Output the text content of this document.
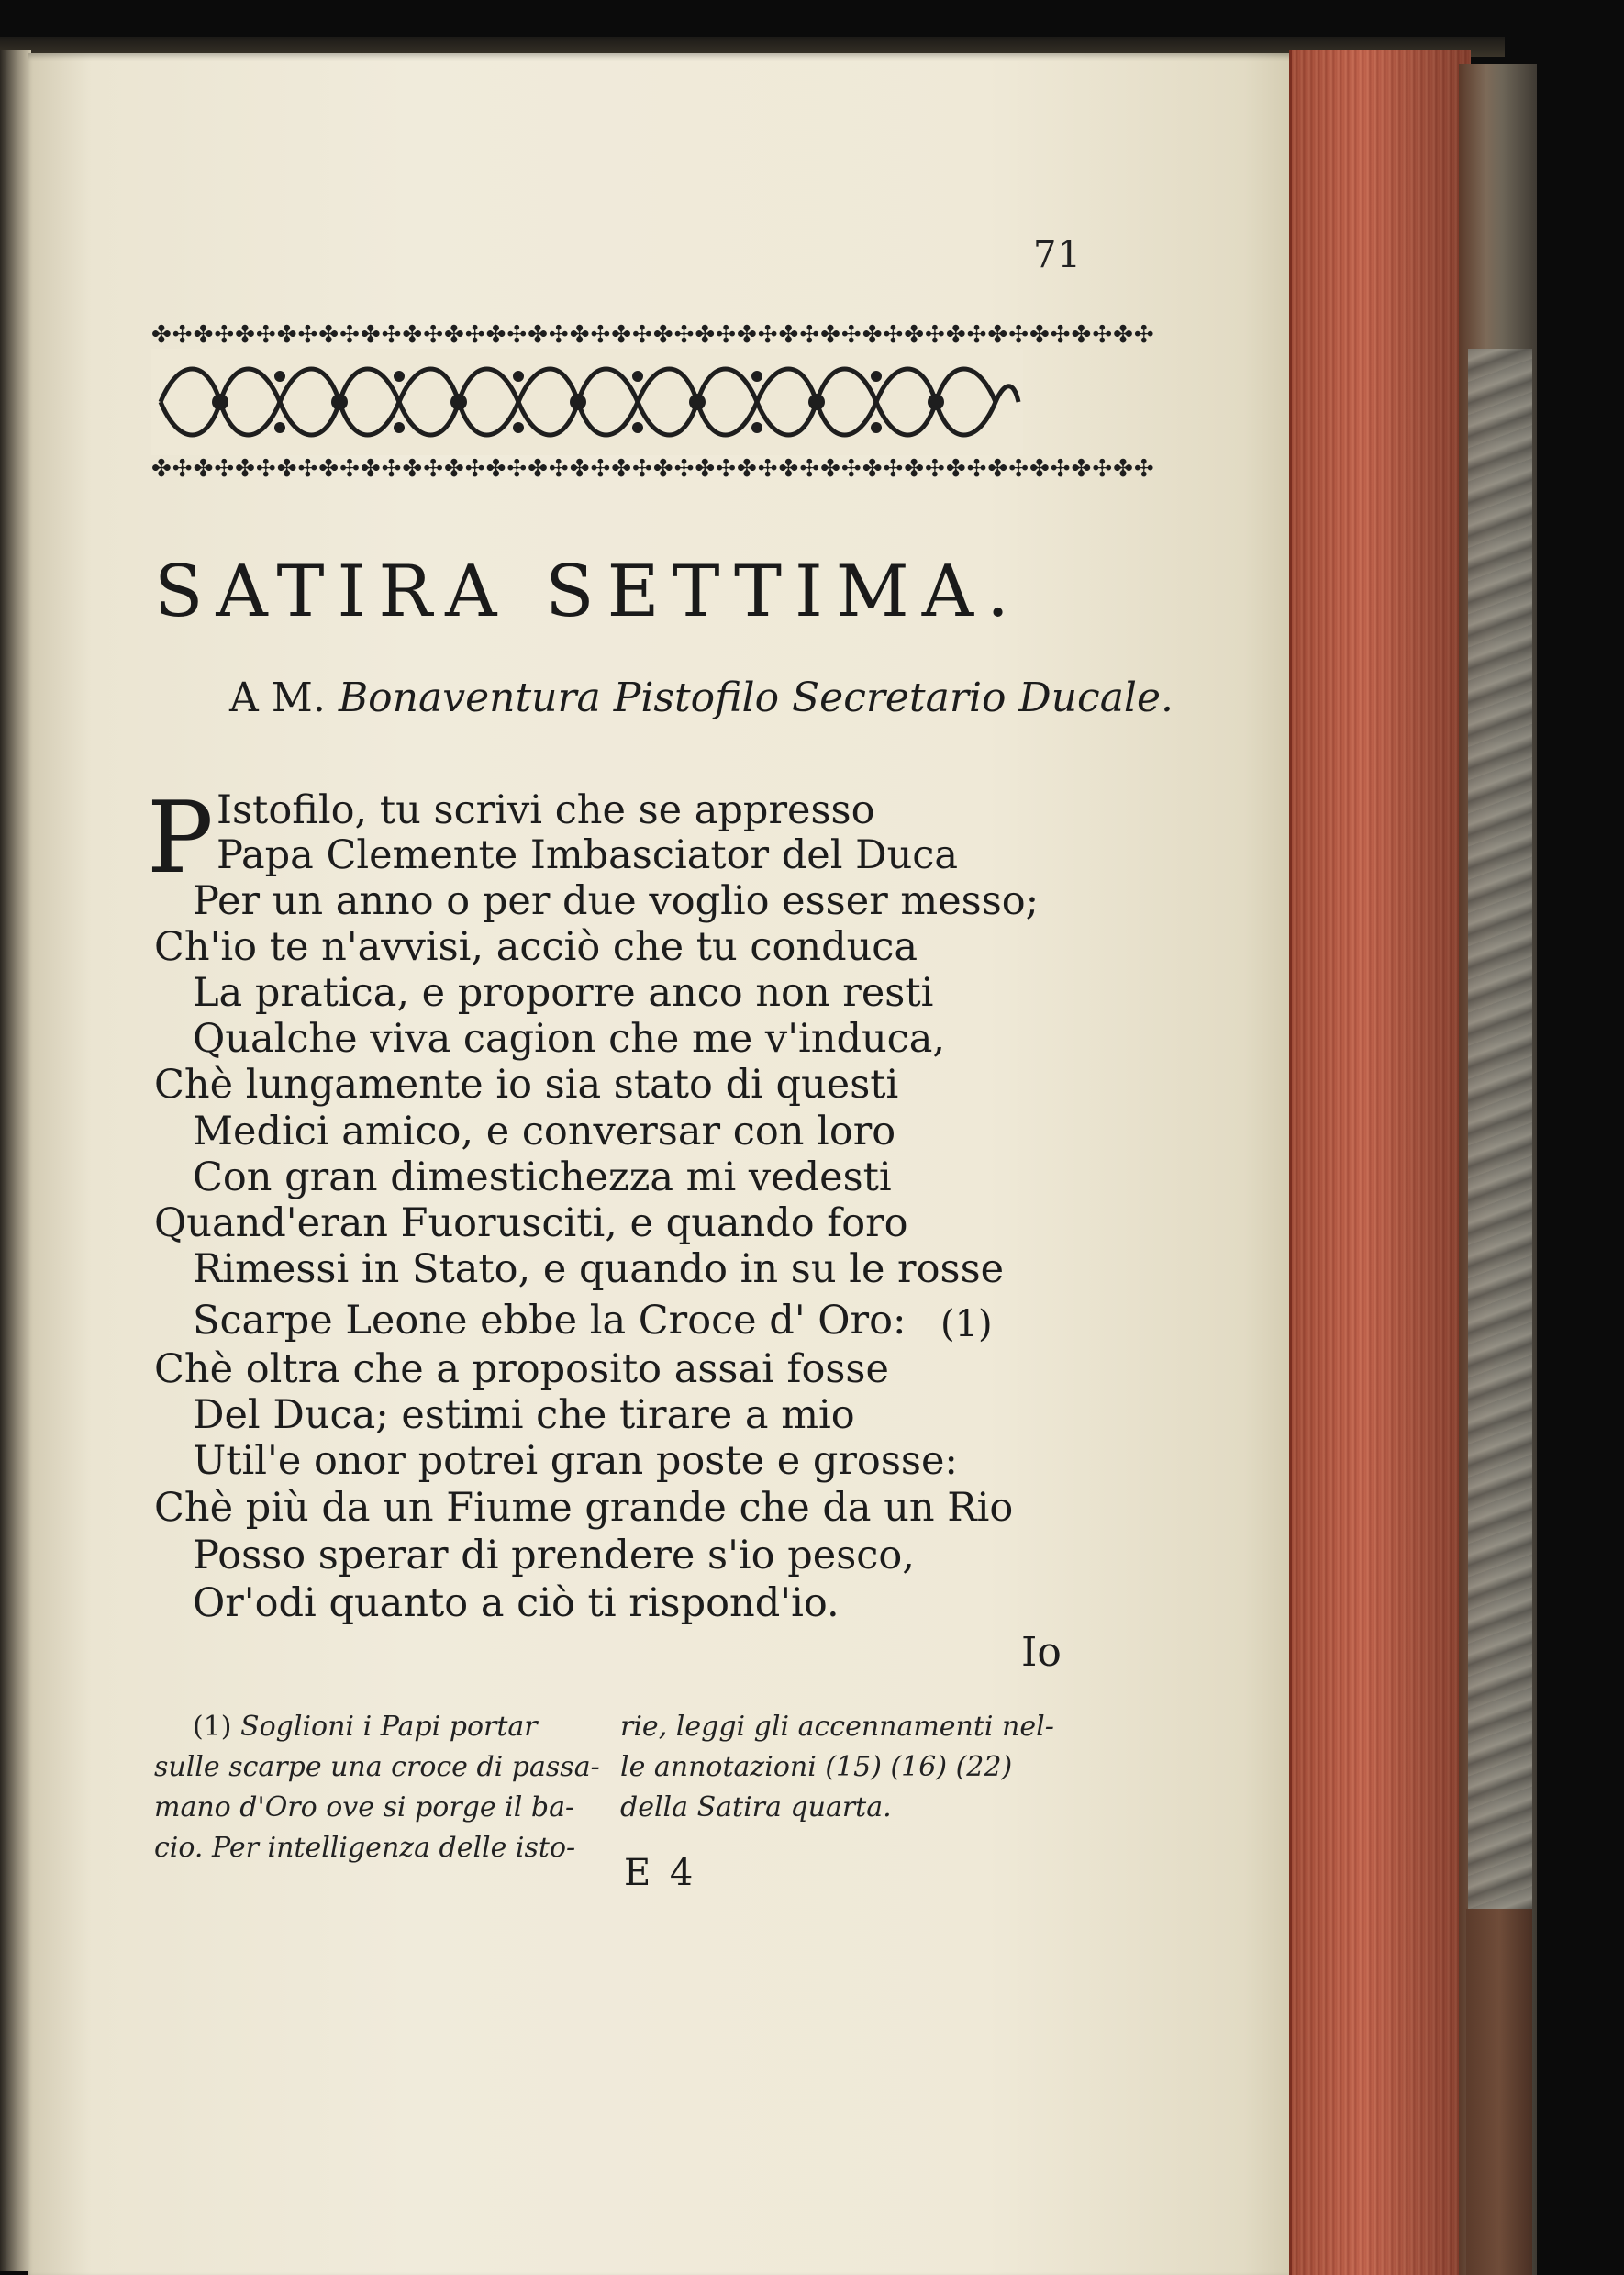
71
✤✣✤✣✤✣✤✣✤✣✤✣✤✣✤✣✤✣✤✣✤✣✤✣✤✣✤✣✤✣✤✣✤✣✤✣✤✣✤✣✤✣✤✣✤✣✤✣
✤✣✤✣✤✣✤✣✤✣✤✣✤✣✤✣✤✣✤✣✤✣✤✣✤✣✤✣✤✣✤✣✤✣✤✣✤✣✤✣✤✣✤✣✤✣✤✣
SATIRA SETTIMA.
A M. Bonaventura Pistofilo Secretario Ducale.
P Istofilo, tu scrivi che se appresso
Papa Clemente Imbasciator del Duca
Per un anno o per due voglio esser messo;
Ch'io te n'avvisi, acciò che tu conduca
La pratica, e proporre anco non resti
Qualche viva cagion che me v'induca,
Chè lungamente io sia stato di questi
Medici amico, e conversar con loro
Con gran dimestichezza mi vedesti
Quand'eran Fuorusciti, e quando foro
Rimessi in Stato, e quando in su le rosse
Scarpe Leone ebbe la Croce d' Oro: (1)
Chè oltra che a proposito assai fosse
Del Duca; estimi che tirare a mio
Util'e onor potrei gran poste e grosse:
Chè più da un Fiume grande che da un Rio
Posso sperar di prendere s'io pesco,
Or'odi quanto a ciò ti rispond'io.
Io
(1) Soglioni i Papi portar
sulle scarpe una croce di passa-
mano d'Oro ove si porge il ba-
cio. Per intelligenza delle isto-
rie, leggi gli accennamenti nel-
le annotazioni (15) (16) (22)
della Satira quarta.
E 4
